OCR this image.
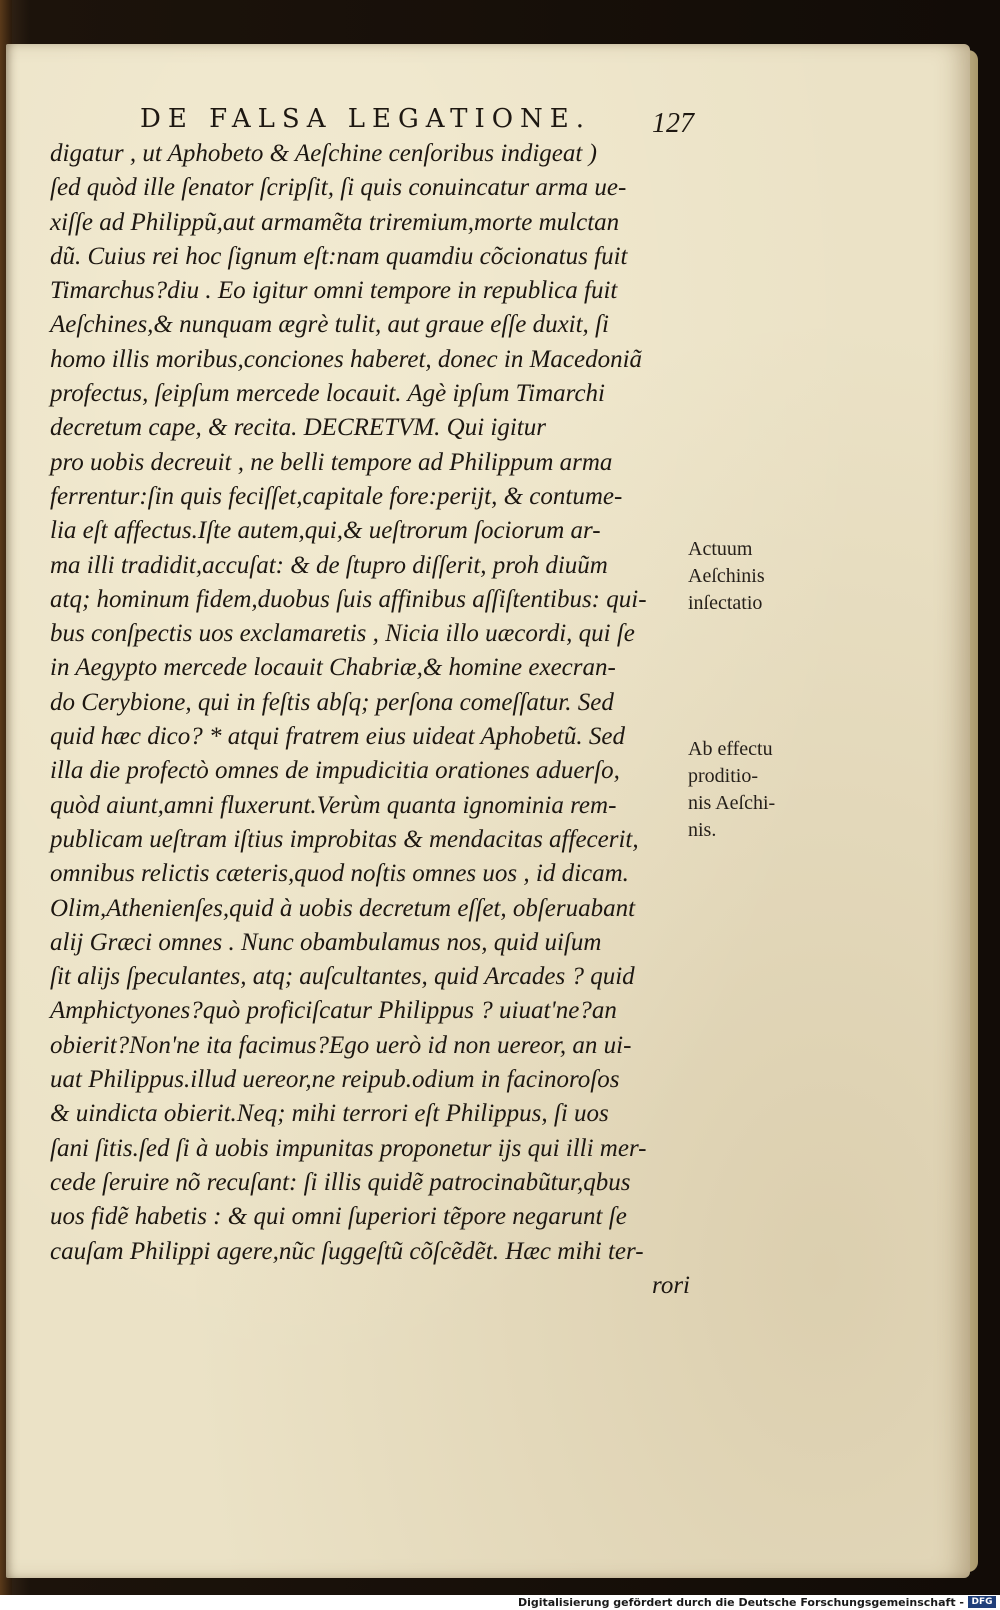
DE FALSA LEGATIONE. 127
digatur , ut Aphobeto & Aeſchine cenſoribus indigeat )
ſed quòd ille ſenator ſcripſit, ſi quis conuincatur arma ue-
xiſſe ad Philippũ,aut armamẽta triremium,morte mulctan
dũ. Cuius rei hoc ſignum eſt:nam quamdiu cõcionatus fuit
Timarchus?diu . Eo igitur omni tempore in republica fuit
Aeſchines,& nunquam ægrè tulit, aut graue eſſe duxit, ſi
homo illis moribus,conciones haberet, donec in Macedoniã
profectus, ſeipſum mercede locauit. Agè ipſum Timarchi
decretum cape, & recita. DECRETVM. Qui igitur
pro uobis decreuit , ne belli tempore ad Philippum arma
ferrentur:ſin quis feciſſet,capitale fore:periјt, & contume-
lia eſt affectus.Iſte autem,qui,& ueſtrorum ſociorum ar-
ma illi tradidit,accuſat: & de ſtupro diſſerit, proh diuũm
atq; hominum fidem,duobus ſuis affinibus aſſiſtentibus: qui-
bus conſpectis uos exclamaretis , Nicia illo uæcordi, qui ſe
in Aegypto mercede locauit Chabriæ,& homine execran-
do Cerybione, qui in feſtis abſq; perſona comeſſatur. Sed
quid hæc dico? * atqui fratrem eius uideat Aphobetũ. Sed
illa die profectò omnes de impudicitia orationes aduerſo,
quòd aiunt,amni fluxerunt.Verùm quanta ignominia rem-
publicam ueſtram iſtius improbitas & mendacitas affecerit,
omnibus relictis cæteris,quod noſtis omnes uos , id dicam.
Olim,Athenienſes,quid à uobis decretum eſſet, obſeruabant
alij Græci omnes . Nunc obambulamus nos, quid uiſum
ſit alijs ſpeculantes, atq; auſcultantes, quid Arcades ? quid
Amphictyones?quò proficiſcatur Philippus ? uiuat'ne?an
obierit?Non'ne ita facimus?Ego uerò id non uereor, an ui-
uat Philippus.illud uereor,ne reipub.odium in facinoroſos
& uindicta obierit.Neq; mihi terrori eſt Philippus, ſi uos
ſani ſitis.ſed ſi à uobis impunitas proponetur ijs qui illi mer-
cede ſeruire nõ recuſant: ſi illis quidẽ patrocinabũtur,qbus
uos fidẽ habetis : & qui omni ſuperiori tẽpore negarunt ſe
cauſam Philippi agere,nũc ſuggeſtũ cõſcẽdẽt. Hæc mihi ter-
rori
Actuum
Aeſchinis
inſectatio
Ab effectu
proditio-
nis Aeſchi-
nis.
Digitalisierung gefördert durch die Deutsche Forschungsgemeinschaft - DFG
